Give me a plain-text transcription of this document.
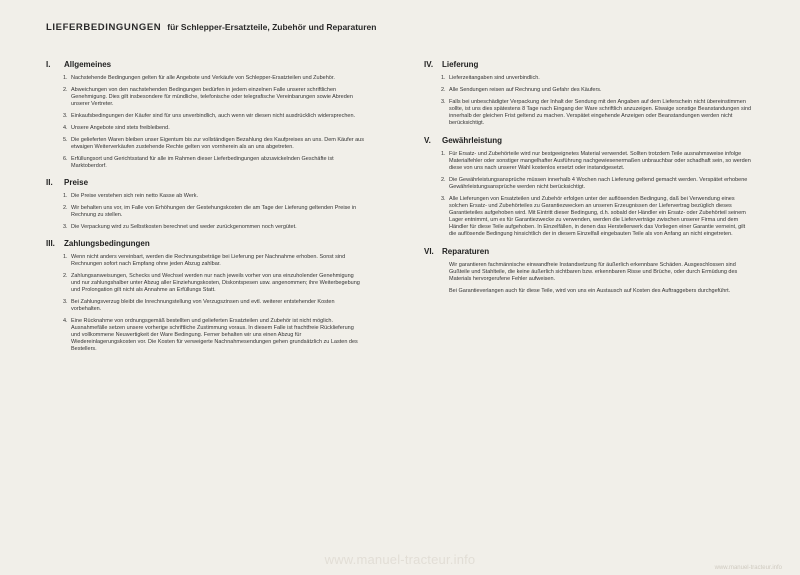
LIEFERBEDINGUNGEN für Schlepper-Ersatzteile, Zubehör und Reparaturen
I. Allgemeines
1. Nachstehende Bedingungen gelten für alle Angebote und Verkäufe von Schlepper-Ersatzteilen und Zubehör.
2. Abweichungen von den nachstehenden Bedingungen bedürfen in jedem einzelnen Falle unserer schriftlichen Genehmigung. Dies gilt insbesondere für mündliche, telefonische oder telegrafische Vereinbarungen sowie Abreden unserer Vertreter.
3. Einkaufsbedingungen der Käufer sind für uns unverbindlich, auch wenn wir diesen nicht ausdrücklich widersprechen.
4. Unsere Angebote sind stets freibleibend.
5. Die gelieferten Waren bleiben unser Eigentum bis zur vollständigen Bezahlung des Kaufpreises an uns. Dem Käufer aus etwaigen Weiterverkäufen zustehende Rechte gelten von vornherein als an uns abgetreten.
6. Erfüllungsort und Gerichtsstand für alle im Rahmen dieser Lieferbedingungen abzuwickelnden Geschäfte ist Marktoberdorf.
II. Preise
1. Die Preise verstehen sich rein netto Kasse ab Werk.
2. Wir behalten uns vor, im Falle von Erhöhungen der Gestehungskosten die am Tage der Lieferung geltenden Preise in Rechnung zu stellen.
3. Die Verpackung wird zu Selbstkosten berechnet und weder zurückgenommen noch vergütet.
III. Zahlungsbedingungen
1. Wenn nicht anders vereinbart, werden die Rechnungsbeträge bei Lieferung per Nachnahme erhoben. Sonst sind Rechnungen sofort nach Empfang ohne jeden Abzug zahlbar.
2. Zahlungsanweisungen, Schecks und Wechsel werden nur nach jeweils vorher von uns einzuholender Genehmigung und nur zahlungshalber unter Abzug aller Einziehungskosten, Diskontspesen usw. angenommen; ihre Weiterbegebung und Prolongation gilt nicht als Annahme an Erfüllungs Statt.
3. Bei Zahlungsverzug bleibt die Inrechnungstellung von Verzugszinsen und evtl. weiterer entstehender Kosten vorbehalten.
4. Eine Rücknahme von ordnungsgemäß bestellten und gelieferten Ersatzteilen und Zubehör ist nicht möglich. Ausnahmefälle setzen unsere vorherige schriftliche Zustimmung voraus. In diesem Falle ist frachtfreie Rücklieferung und vollkommene Neuwertigkeit der Ware Bedingung. Ferner behalten wir uns einen Abzug für Wiedereinlagerungskosten vor. Die Kosten für verweigerte Nachnahmesendungen gehen grundsätzlich zu Lasten des Bestellers.
IV. Lieferung
1. Lieferzeitangaben sind unverbindlich.
2. Alle Sendungen reisen auf Rechnung und Gefahr des Käufers.
3. Falls bei unbeschädigter Verpackung der Inhalt der Sendung mit den Angaben auf dem Lieferschein nicht übereinstimmen sollte, ist uns dies spätestens 8 Tage nach Eingang der Ware schriftlich anzuzeigen. Etwaige sonstige Beanstandungen sind innerhalb der gleichen Frist geltend zu machen. Verspätet eingehende Anzeigen oder Beanstandungen werden nicht berücksichtigt.
V. Gewährleistung
1. Für Ersatz- und Zubehörteile wird nur bestgeeignetes Material verwendet. Sollten trotzdem Teile ausnahmsweise infolge Materialfehler oder sonstiger mangelhafter Ausführung nachgewiesenermaßen unbrauchbar oder schadhaft sein, so werden diese von uns nach unserer Wahl kostenlos ersetzt oder instandgesetzt.
2. Die Gewährleistungsansprüche müssen innerhalb 4 Wochen nach Lieferung geltend gemacht werden. Verspätet erhobene Gewährleistungsansprüche werden nicht berücksichtigt.
3. Alle Lieferungen von Ersatzteilen und Zubehör erfolgen unter der auflösenden Bedingung, daß bei Verwendung eines solchen Ersatz- und Zubehörteiles zu Garantiezwecken an unseren Erzeugnissen der Liefervertrag bezüglich dieses Garantieteiles aufgehoben wird. Mit Eintritt dieser Bedingung, d.h. sobald der Händler ein Ersatz- oder Zubehörteil seinem Lager entnimmt, um es für Garantiezwecke zu verwenden, werden die Lieferverträge zwischen unserer Firma und dem Händler für diese Teile aufgehoben. In Einzelfällen, in denen das Herstellerwerk das Vorliegen einer Garantie verneint, gilt die auflösende Bedingung hinsichtlich der in diesem Einzelfall eingebauten Teile als von Anfang an nicht eingetreten.
VI. Reparaturen

Wir garantieren fachmännische einwandfreie Instandsetzung für äußerlich erkennbare Schäden. Ausgeschlossen sind Gußteile und Stahlteile, die keine äußerlich sichtbaren bzw. erkennbaren Risse und Brüche, oder durch Ermüdung des Materials hervorgerufene Fehler aufweisen.

Bei Garantieverlangen auch für diese Teile, wird von uns ein Austausch auf Kosten des Auftraggebers durchgeführt.

www.manuel-tracteur.info
www.manuel-tracteur.info
